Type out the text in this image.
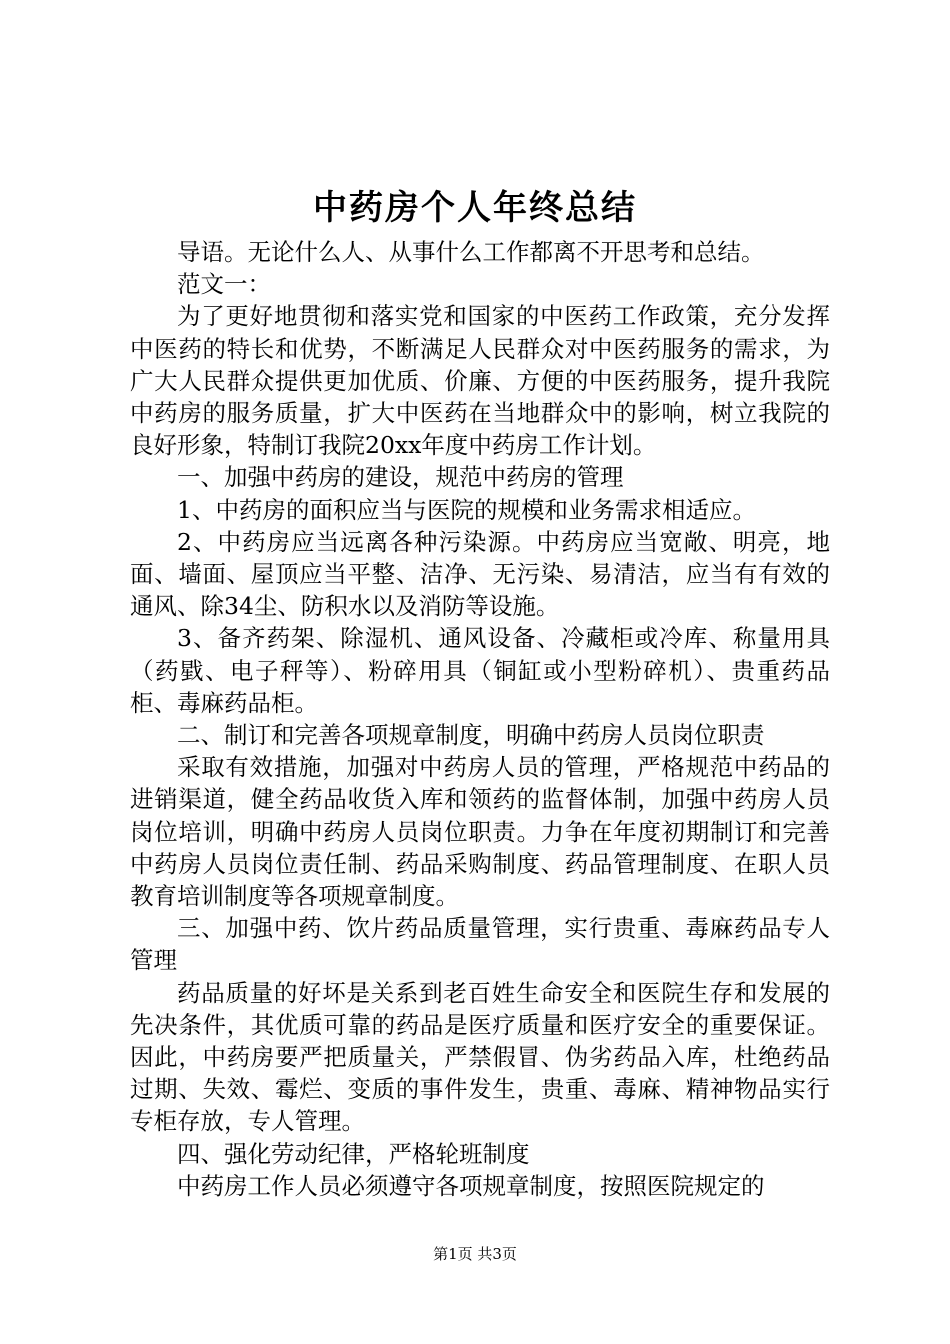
中药房个人年终总结

导语。无论什么人、从事什么工作都离不开思考和总结。

范文一：

为了更好地贯彻和落实党和国家的中医药工作政策，充分发挥中医药的特长和优势，不断满足人民群众对中医药服务的需求，为广大人民群众提供更加优质、价廉、方便的中医药服务，提升我院中药房的服务质量，扩大中医药在当地群众中的影响，树立我院的良好形象，特制订我院20xx年度中药房工作计划。

一、加强中药房的建设，规范中药房的管理

1、中药房的面积应当与医院的规模和业务需求相适应。

2、中药房应当远离各种污染源。中药房应当宽敞、明亮，地面、墙面、屋顶应当平整、洁净、无污染、易清洁，应当有有效的通风、除34尘、防积水以及消防等设施。

3、备齐药架、除湿机、通风设备、冷藏柜或冷库、称量用具（药戥、电子秤等）、粉碎用具（铜缸或小型粉碎机）、贵重药品柜、毒麻药品柜。

二、制订和完善各项规章制度，明确中药房人员岗位职责

采取有效措施，加强对中药房人员的管理，严格规范中药品的进销渠道，健全药品收货入库和领药的监督体制，加强中药房人员岗位培训，明确中药房人员岗位职责。力争在年度初期制订和完善中药房人员岗位责任制、药品采购制度、药品管理制度、在职人员教育培训制度等各项规章制度。

三、加强中药、饮片药品质量管理，实行贵重、毒麻药品专人管理

药品质量的好坏是关系到老百姓生命安全和医院生存和发展的先决条件，其优质可靠的药品是医疗质量和医疗安全的重要保证。因此，中药房要严把质量关，严禁假冒、伪劣药品入库，杜绝药品过期、失效、霉烂、变质的事件发生，贵重、毒麻、精神物品实行专柜存放，专人管理。

四、强化劳动纪律，严格轮班制度

中药房工作人员必须遵守各项规章制度，按照医院规定的

第1页 共3页
